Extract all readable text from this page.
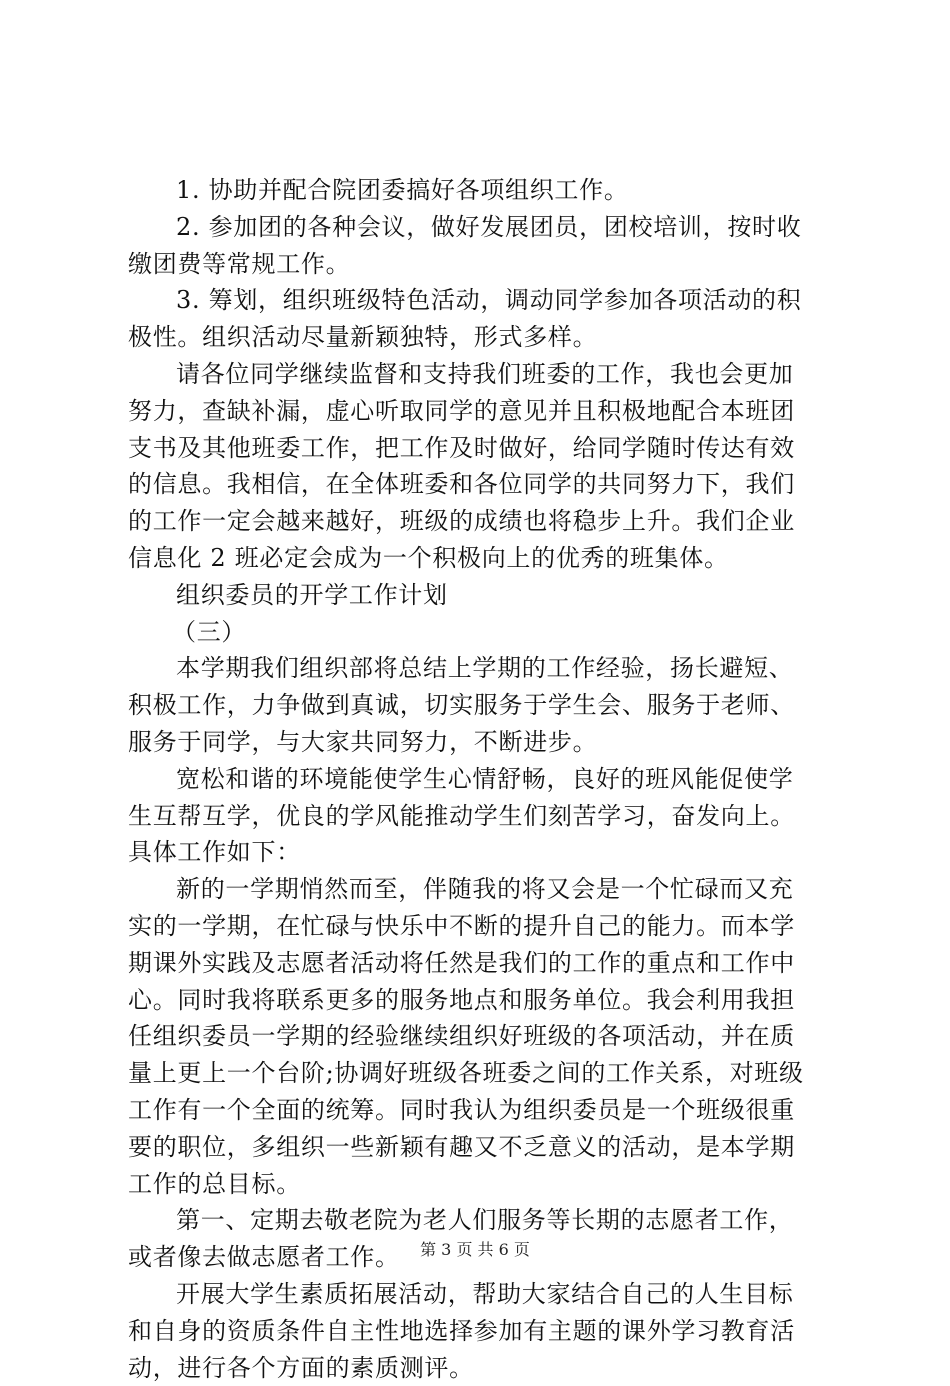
1. 协助并配合院团委搞好各项组织工作。
2. 参加团的各种会议，做好发展团员，团校培训，按时收
缴团费等常规工作。
3. 筹划，组织班级特色活动，调动同学参加各项活动的积
极性。组织活动尽量新颖独特，形式多样。
请各位同学继续监督和支持我们班委的工作，我也会更加
努力，查缺补漏，虚心听取同学的意见并且积极地配合本班团
支书及其他班委工作，把工作及时做好，给同学随时传达有效
的信息。我相信，在全体班委和各位同学的共同努力下，我们
的工作一定会越来越好，班级的成绩也将稳步上升。我们企业
信息化 2 班必定会成为一个积极向上的优秀的班集体。
组织委员的开学工作计划
（三）
本学期我们组织部将总结上学期的工作经验，扬长避短、
积极工作，力争做到真诚，切实服务于学生会、服务于老师、
服务于同学，与大家共同努力，不断进步。
宽松和谐的环境能使学生心情舒畅，良好的班风能促使学
生互帮互学，优良的学风能推动学生们刻苦学习，奋发向上。
具体工作如下：
新的一学期悄然而至，伴随我的将又会是一个忙碌而又充
实的一学期，在忙碌与快乐中不断的提升自己的能力。而本学
期课外实践及志愿者活动将任然是我们的工作的重点和工作中
心。同时我将联系更多的服务地点和服务单位。我会利用我担
任组织委员一学期的经验继续组织好班级的各项活动，并在质
量上更上一个台阶;协调好班级各班委之间的工作关系，对班级
工作有一个全面的统筹。同时我认为组织委员是一个班级很重
要的职位，多组织一些新颖有趣又不乏意义的活动，是本学期
工作的总目标。
第一、定期去敬老院为老人们服务等长期的志愿者工作，
或者像去做志愿者工作。
开展大学生素质拓展活动，帮助大家结合自己的人生目标
和自身的资质条件自主性地选择参加有主题的课外学习教育活
动，进行各个方面的素质测评。
第 3 页 共 6 页
